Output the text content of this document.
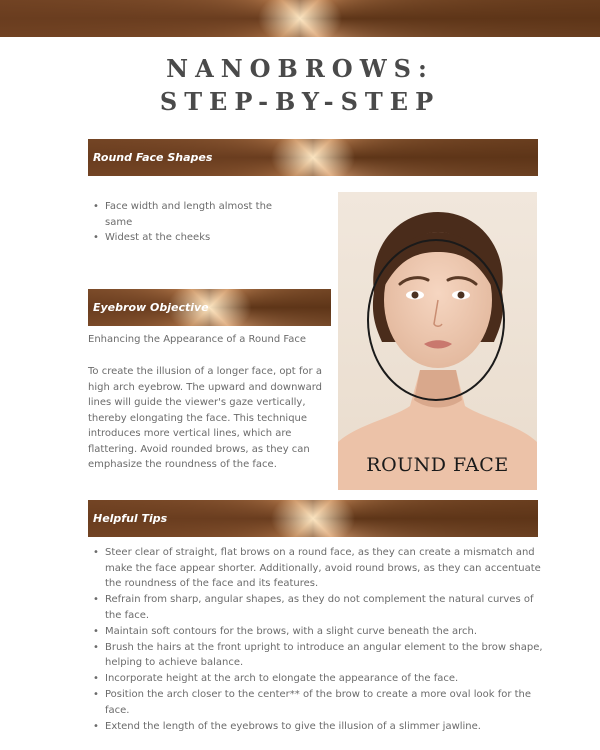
NANOBROWS:
STEP-BY-STEP
Round Face Shapes
• Face width and length almost the same
• Widest at the cheeks
Eyebrow Objective
Enhancing the Appearance of a Round Face

To create the illusion of a longer face, opt for a high arch eyebrow. The upward and downward lines will guide the viewer's gaze vertically, thereby elongating the face. This technique introduces more vertical lines, which are flattering. Avoid rounded brows, as they can emphasize the roundness of the face.	ROUND FACE
Helpful Tips
• Steer clear of straight, flat brows on a round face, as they can create a mismatch and make the face appear shorter. Additionally, avoid round brows, as they can accentuate the roundness of the face and its features.
• Refrain from sharp, angular shapes, as they do not complement the natural curves of the face.
• Maintain soft contours for the brows, with a slight curve beneath the arch.
• Brush the hairs at the front upright to introduce an angular element to the brow shape, helping to achieve balance.
• Incorporate height at the arch to elongate the appearance of the face.
• Position the arch closer to the center** of the brow to create a more oval look for the face.
• Extend the length of the eyebrows to give the illusion of a slimmer jawline.
